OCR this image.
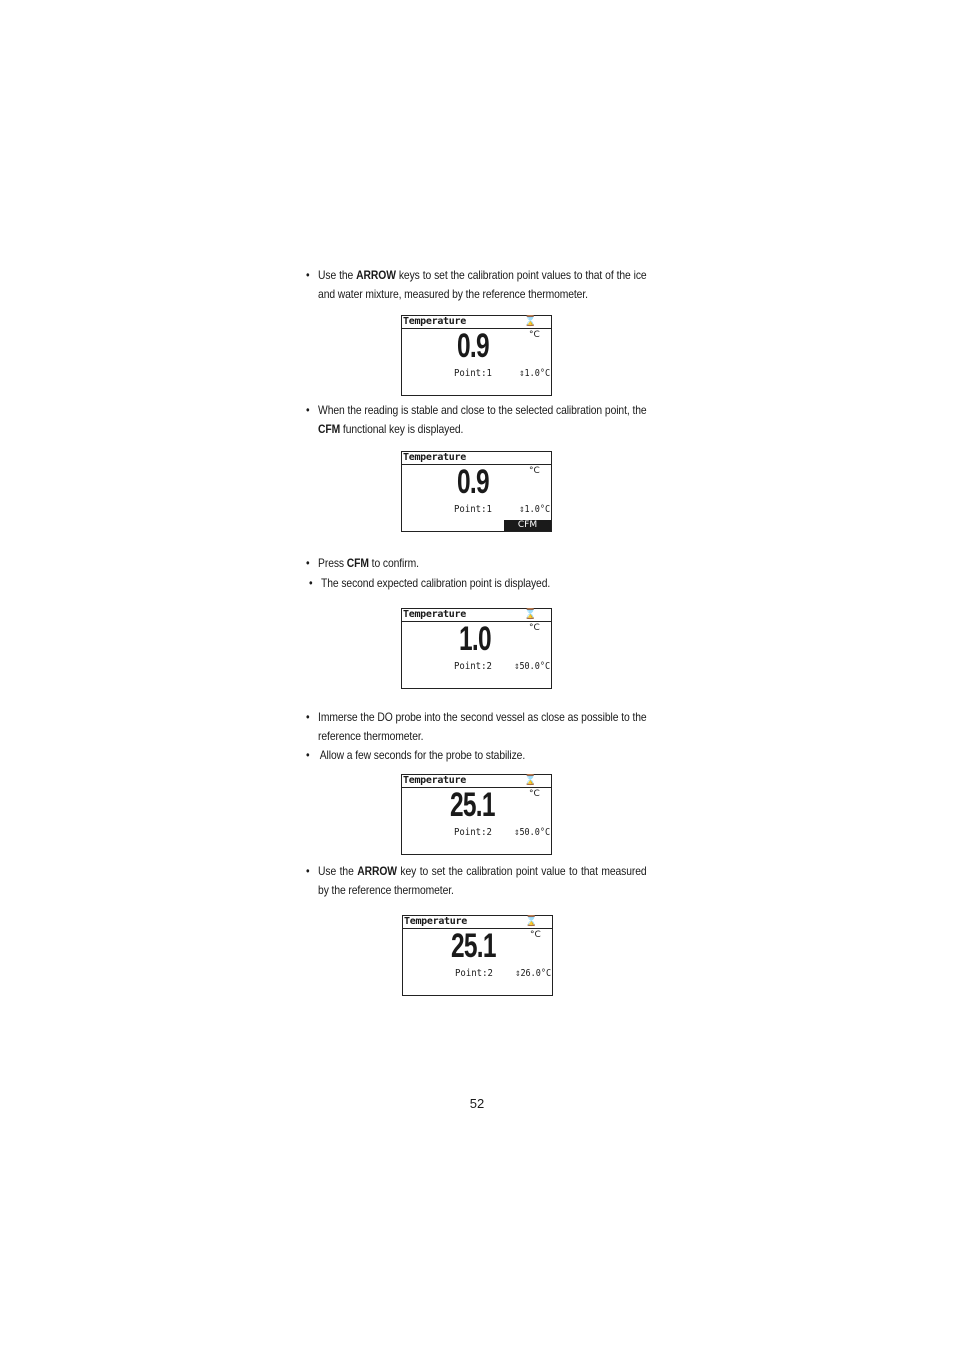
• Use the ARROW keys to set the calibration point values to that of the ice and water mixture, measured by the reference thermometer.
Temperature	⌛
0.9	°C
Point:1	⇕1.0°C
• When the reading is stable and close to the selected calibration point, the CFM functional key is displayed.
Temperature
0.9	°C
Point:1	⇕1.0°C
CFM
• Press CFM to confirm.
• The second expected calibration point is displayed.
Temperature	⌛
1.0	°C
Point:2 ⇕50.0°C
• Immerse the DO probe into the second vessel as close as possible to the reference thermometer.
• Allow a few seconds for the probe to stabilize.
Temperature	⌛
25.1	°C
Point:2 ⇕50.0°C
• Use the ARROW key to set the calibration point value to that measured by the reference thermometer.
Temperature	⌛
25.1	°C
Point:2 ⇕26.0°C
52
